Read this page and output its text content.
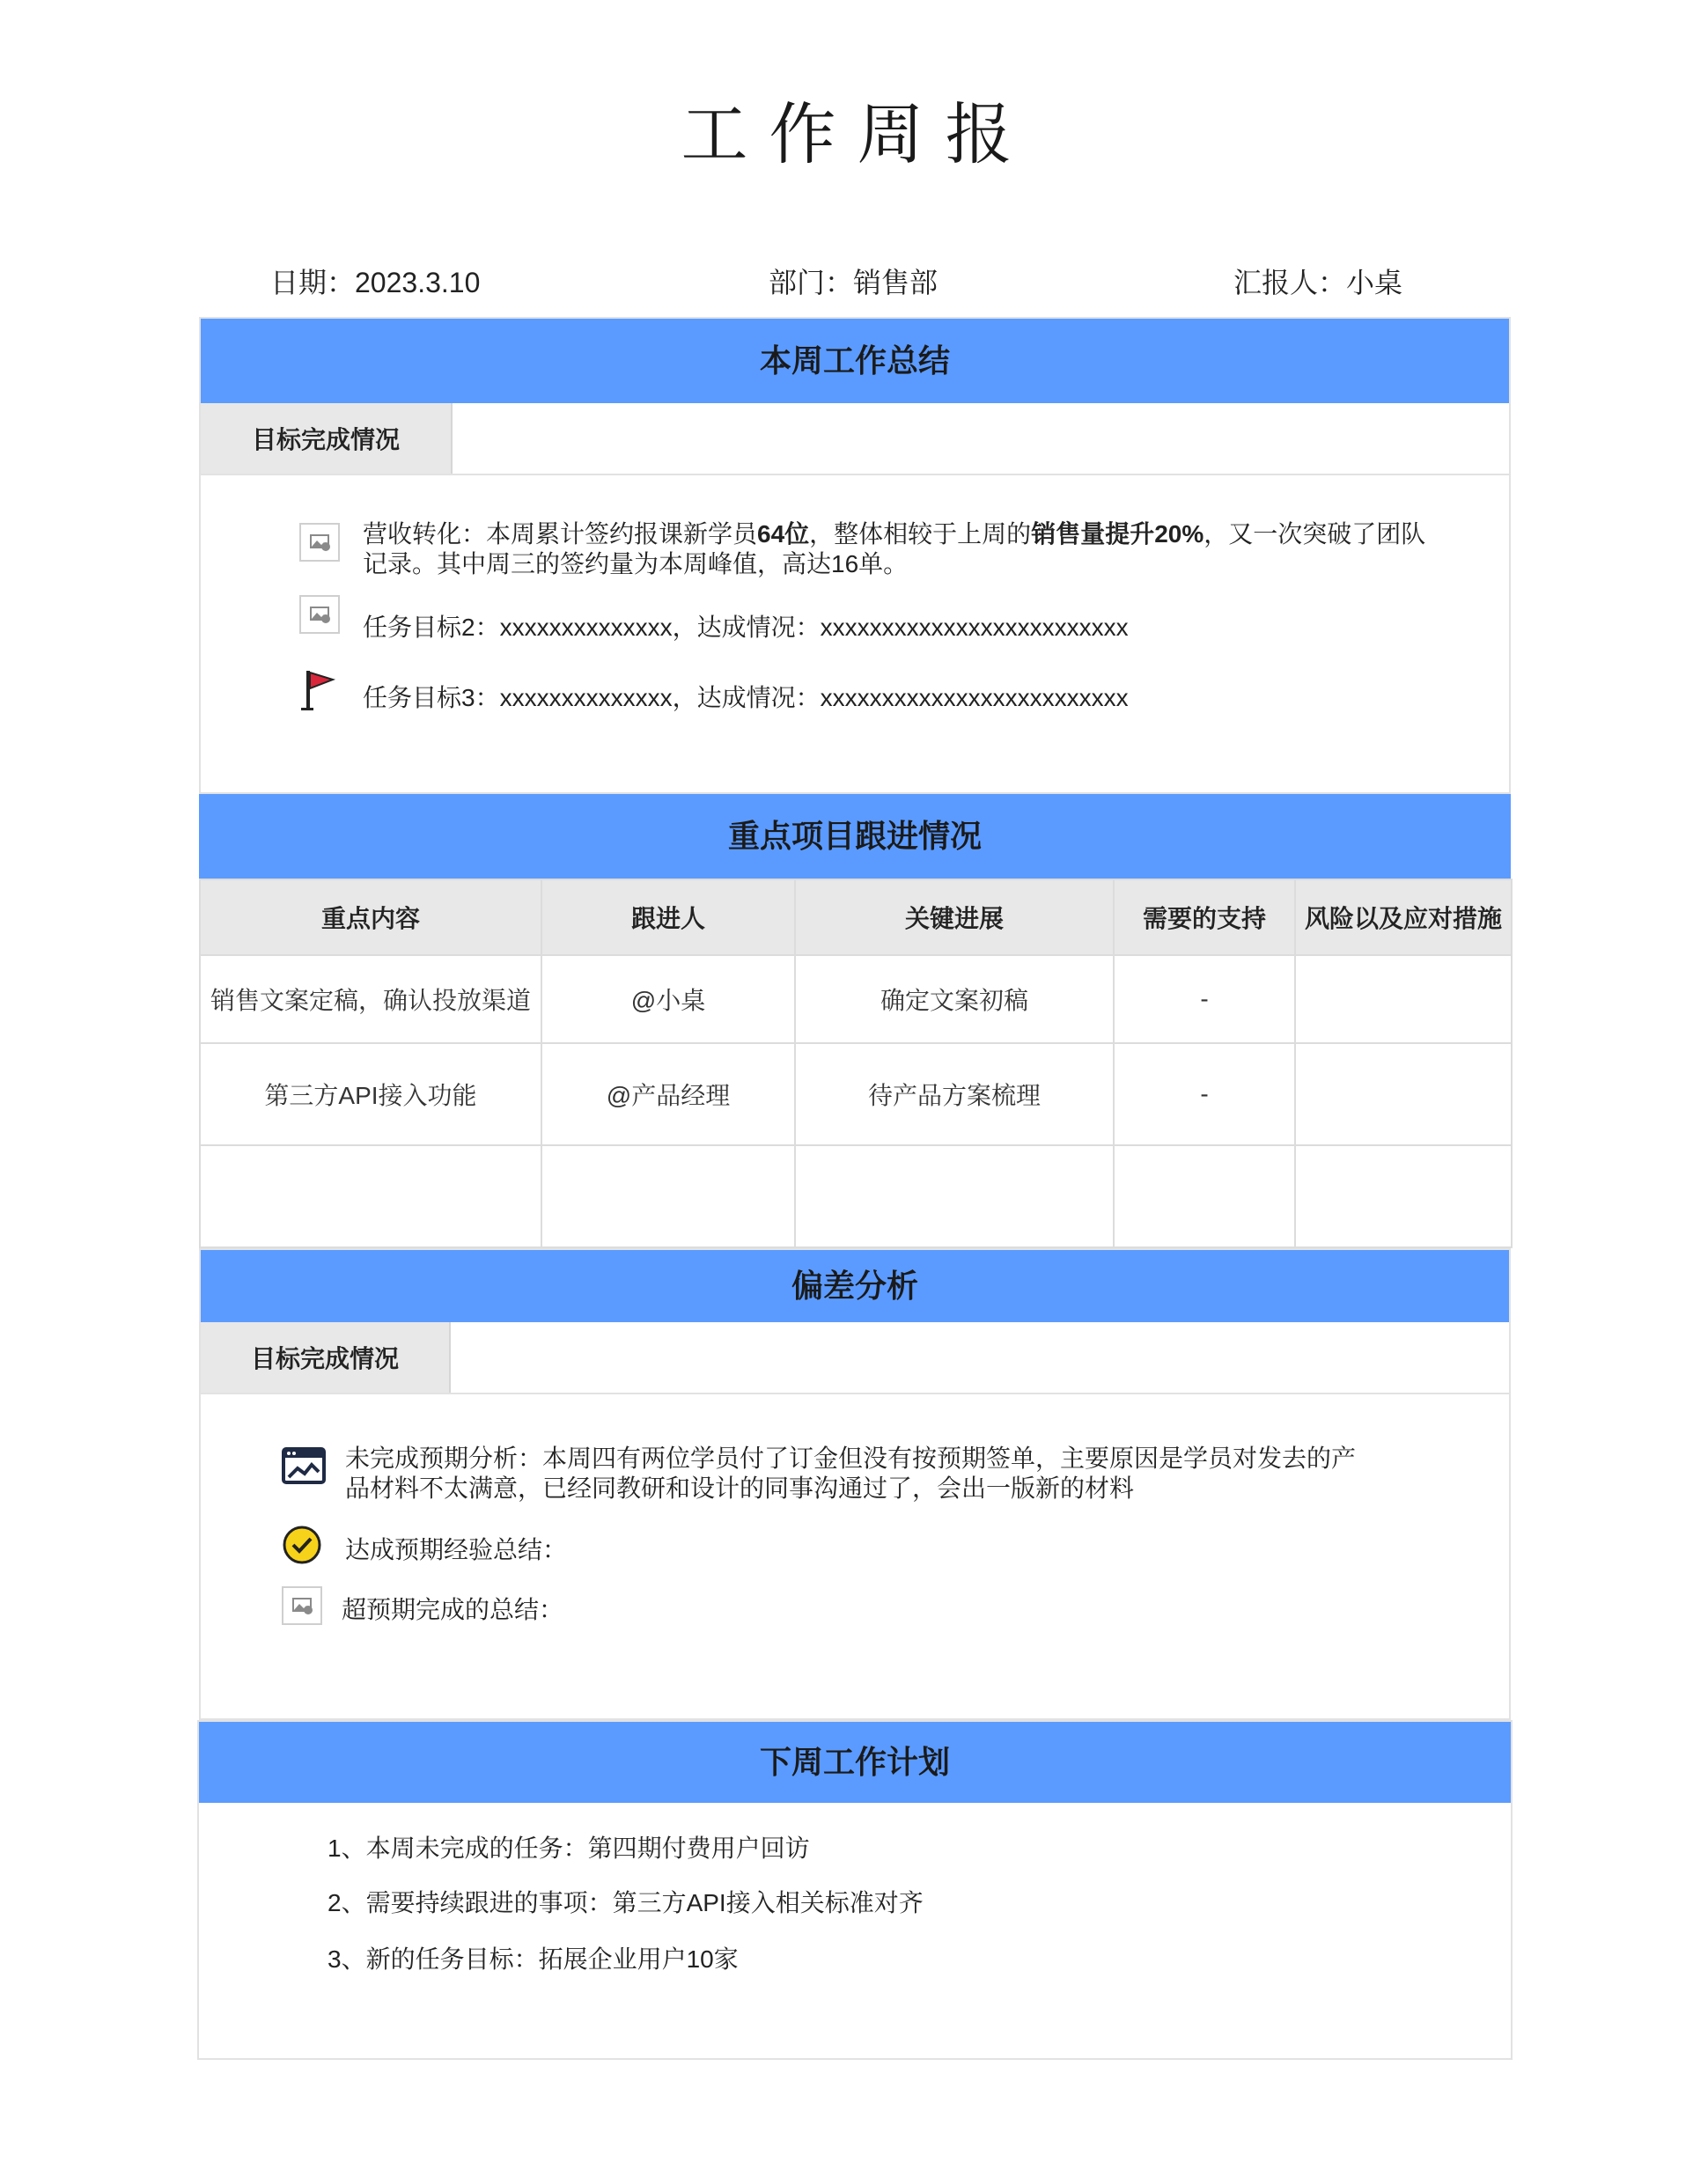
工作周报
日期：2023.3.10	部门：销售部	汇报人：小桌
本周工作总结
目标完成情况
营收转化：本周累计签约报课新学员64位，整体相较于上周的销售量提升20%，又一次突破了团队
记录。其中周三的签约量为本周峰值，高达16单。
任务目标2：xxxxxxxxxxxxxx，达成情况：xxxxxxxxxxxxxxxxxxxxxxxxx
任务目标3：xxxxxxxxxxxxxx，达成情况：xxxxxxxxxxxxxxxxxxxxxxxxx
重点项目跟进情况
重点内容	跟进人	关键进展	需要的支持	风险以及应对措施
销售文案定稿，确认投放渠道	@小桌	确定文案初稿	-	
第三方API接入功能	@产品经理	待产品方案梳理	-	

偏差分析
目标完成情况
未完成预期分析：本周四有两位学员付了订金但没有按预期签单，主要原因是学员对发去的产
品材料不太满意，已经同教研和设计的同事沟通过了，会出一版新的材料
达成预期经验总结：
超预期完成的总结：
下周工作计划
1、本周未完成的任务：第四期付费用户回访
2、需要持续跟进的事项：第三方API接入相关标准对齐
3、新的任务目标：拓展企业用户10家
